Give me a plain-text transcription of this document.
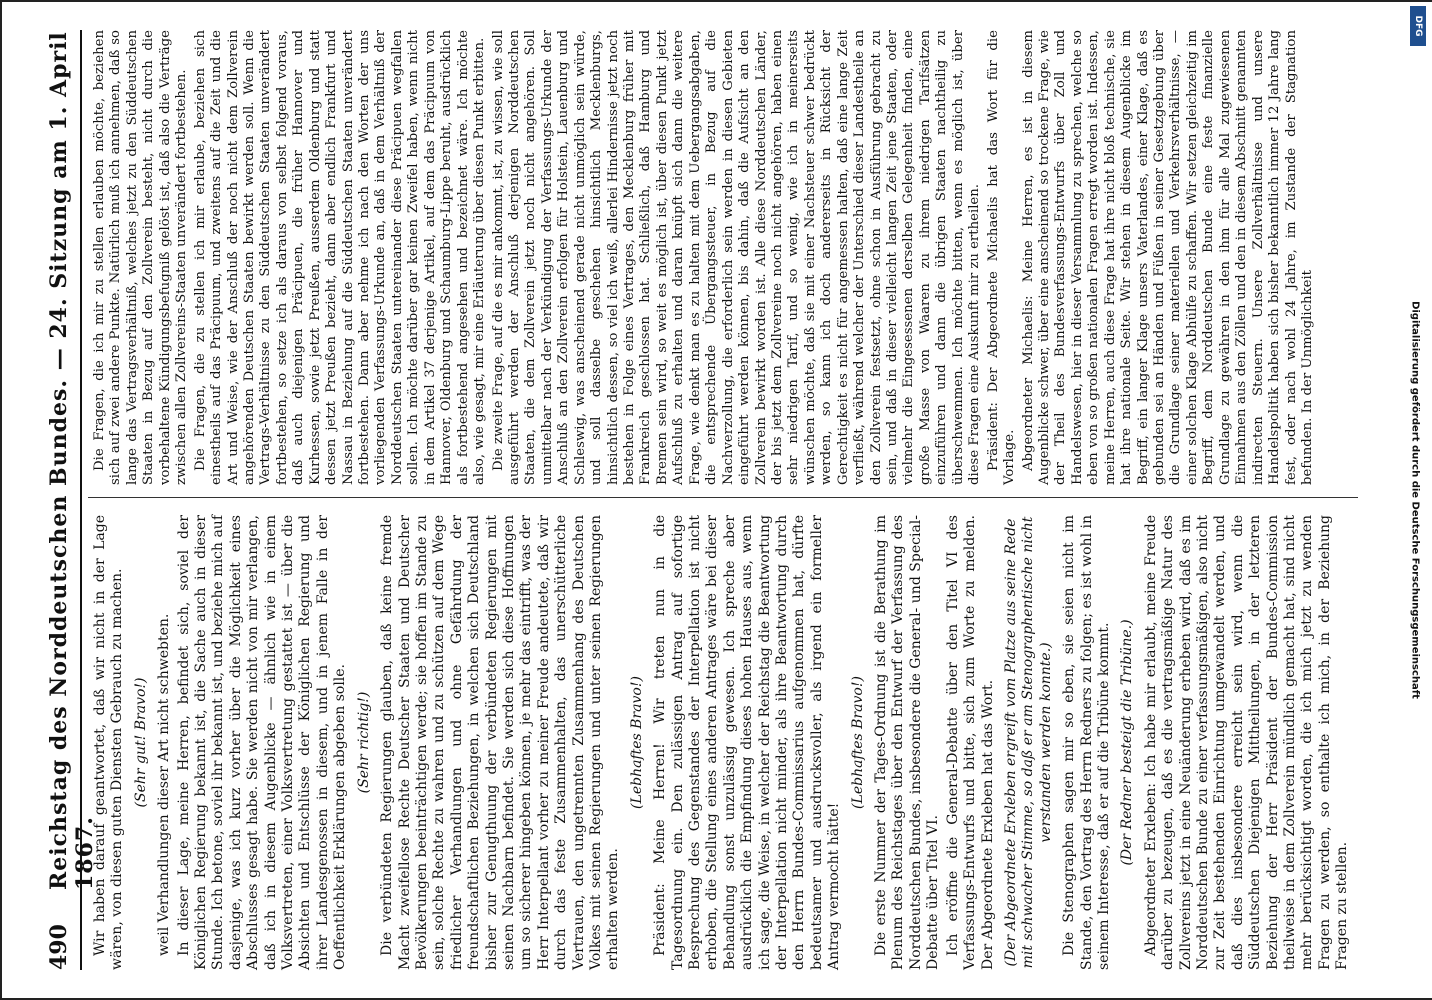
Digitalisierung gefördert durch die Deutsche Forschungsgemeinschaft
DFG
490
Reichstag des Norddeutschen Bundes. — 24. Sitzung am 1. April 1867.

Wir haben darauf geantwortet, daß wir nicht in der Lage wären, von diesen guten Diensten Gebrauch zu machen. (Sehr gut! Bravo!) weil Verhandlungen dieser Art nicht schwebten. In dieser Lage, meine Herren, befindet sich, soviel der Königlichen Regierung bekannt ist, die Sache auch in dieser Stunde. Ich betone, soviel ihr bekannt ist, und beziehe mich auf dasjenige, was ich kurz vorher über die Möglichkeit eines Abschlusses gesagt habe. Sie werden nicht von mir verlangen, daß ich in diesem Augenblicke — ähnlich wie in einem Volksvertreten, einer Volksvertretung gestattet ist — über die Absichten und Entschlüsse der Königlichen Regierung und ihrer Landesgenossen in diesem, und in jenem Falle in der Oeffentlichkeit Erklärungen abgeben solle. (Sehr richtig!) Die verbündeten Regierungen glauben, daß keine fremde Macht zweifellose Rechte Deutscher Staaten und Deutscher Bevölkerungen beeinträchtigen werde; sie hoffen im Stande zu sein, solche Rechte zu wahren und zu schützen auf dem Wege friedlicher Verhandlungen und ohne Gefährdung der freundschaftlichen Beziehungen, in welchen sich Deutschland bisher zur Genugthuung der verbündeten Regierungen mit seinen Nachbarn befindet. Sie werden sich diese Hoffnungen um so sicherer hingeben können, je mehr das eintrifft, was der Herr Interpellant vorher zu meiner Freude andeutete, daß wir durch das feste Zusammenhalten, das unerschütterliche Vertrauen, den ungetrennten Zusammenhang des Deutschen Volkes mit seinen Regierungen und unter seinen Regierungen erhalten werden.

(Lebhaftes Bravo!) Präsident: Meine Herren! Wir treten nun in die Tagesordnung ein. Den zulässigen Antrag auf sofortige Besprechung des Gegenstandes der Interpellation ist nicht erhoben, die Stellung eines anderen Antrages wäre bei dieser Behandlung sonst unzulässig gewesen. Ich spreche aber ausdrücklich die Empfindung dieses hohen Hauses aus, wenn ich sage, die Weise, in welcher der Reichstag die Beantwortung der Interpellation nicht minder, als ihre Beantwortung durch den Herrn Bundes-Commissarius aufgenommen hat, dürfte bedeutsamer und ausdrucksvoller, als irgend ein formeller Antrag vermocht hätte!

(Lebhaftes Bravo!) Die erste Nummer der Tages-Ordnung ist die Berathung im Plenum des Reichstages über den Entwurf der Verfassung des Norddeutschen Bundes, insbesondere die General- und Special-Debatte über Titel VI. Ich eröffne die General-Debatte über den Titel VI des Verfassungs-Entwurfs und bitte, sich zum Worte zu melden. Der Abgeordnete Erxleben hat das Wort. (Der Abgeordnete Erxleben ergreift vom Platze aus seine Rede mit schwacher Stimme, so daß er am Stenographentische nicht verstanden werden konnte.) Die Stenographen sagen mir so eben, sie seien nicht im Stande, den Vortrag des Herrn Redners zu folgen; es ist wohl in seinem Interesse, daß er auf die Tribüne kommt. (Der Redner besteigt die Tribüne.) Abgeordneter Erxleben: Ich habe mir erlaubt, meine Freude darüber zu bezeugen, daß es die vertragsmäßige Natur des Zollvereins jetzt in eine Neuänderung erheben wird, daß es im Norddeutschen Bunde zu einer verfassungsmäßigen, also nicht zur Zeit bestehenden Einrichtung umgewandelt werden, und daß dies insbesondere erreicht sein wird, wenn die Süddeutschen Diejenigen Mittheilungen, in der letzteren Beziehung der Herr Präsident der Bundes-Commission theilweise in dem Zollverein mündlich gemacht hat, sind nicht mehr berücksichtigt worden, die ich mich jetzt zu wenden Fragen zu werden, so enthalte ich mich, in der Beziehung Fragen zu stellen.

Die Fragen, die ich mir zu stellen erlauben möchte, beziehen sich auf zwei andere Punkte. Natürlich muß ich annehmen, daß so lange das Vertragsverhältniß, welches jetzt zu den Süddeutschen Staaten in Bezug auf den Zollverein besteht, nicht durch die vorbehaltene Kündigungsbefugniß gelöst ist, daß also die Verträge zwischen allen Zollvereins-Staaten unverändert fortbestehen. Die Fragen, die zu stellen ich mir erlaube, beziehen sich einestheils auf das Präcipuum, und zweitens auf die Zeit und die Art und Weise, wie der Anschluß der noch nicht dem Zollverein angehörenden Deutschen Staaten bewirkt werden soll. Wenn die Vertrags-Verhältnisse zu den Süddeutschen Staaten unverändert fortbestehen, so setze ich als daraus von selbst folgend voraus, daß auch diejenigen Präcipuen, die früher Hannover und Kurhessen, sowie jetzt Preußen, ausserdem Oldenburg und statt dessen jetzt Preußen bezieht, dann aber endlich Frankfurt und Nassau in Beziehung auf die Süddeutschen Staaten unverändert fortbestehen. Dann aber nehme ich nach den Worten der uns vorliegenden Verfassungs-Urkunde an, daß in dem Verhältniß der Norddeutschen Staaten untereinander diese Präcipuen wegfallen sollen. Ich möchte darüber gar keinen Zweifel haben, wenn nicht in dem Artikel 37 derjenige Artikel, auf dem das Präcipuum von Hannover, Oldenburg und Schaumburg-Lippe beruht, ausdrücklich als fortbestehend angesehen und bezeichnet wäre. Ich möchte also, wie gesagt, mir eine Erläuterung über diesen Punkt erbitten. Die zweite Frage, auf die es mir ankommt, ist, zu wissen, wie soll ausgeführt werden der Anschluß derjenigen Norddeutschen Staaten, die dem Zollverein jetzt noch nicht angehören. Soll unmittelbar nach der Verkündigung der Verfassungs-Urkunde der Anschluß an den Zollverein erfolgen für Holstein, Lauenburg und Schleswig, was anscheinend gerade nicht unmöglich sein würde, und soll dasselbe geschehen hinsichtlich Mecklenburgs, hinsichtlich dessen, so viel ich weiß, allerlei Hindernisse jetzt noch bestehen in Folge eines Vertrages, den Mecklenburg früher mit Frankreich geschlossen hat. Schließlich, daß Hamburg und Bremen sein wird, so weit es möglich ist, über diesen Punkt jetzt Aufschluß zu erhalten und daran knüpft sich dann die weitere Frage, wie denkt man es zu halten mit dem Uebergangsabgaben, die entsprechende Übergangssteuer, in Bezug auf die Nachverzollung, die erforderlich sein werden in diesen Gebieten eingeführt werden können, bis dahin, daß die Aufsicht an den Zollverein bewirkt worden ist. Alle diese Norddeutschen Länder, der bis jetzt dem Zollvereine noch nicht angehören, haben einen sehr niedrigen Tarif, und so wenig, wie ich in meinerseits wünschen möchte, daß sie mit einer Nachsteuer schwer bedrückt werden, so kann ich doch andererseits in Rücksicht der Gerechtigkeit es nicht für angemessen halten, daß eine lange Zeit verfließt, während welcher der Unterschied dieser Landestheile an den Zollverein festsetzt, ohne schon in Ausführung gebracht zu sein, und daß in dieser vielleicht langen Zeit jene Staaten, oder vielmehr die Eingesessenen derselben Gelegenheit finden, eine große Masse von Waaren zu ihrem niedrigen Tarifsätzen einzuführen und dann die übrigen Staaten nachtheilig zu überschwemmen. Ich möchte bitten, wenn es möglich ist, über diese Fragen eine Auskunft mir zu ertheilen. Präsident: Der Abgeordnete Michaelis hat das Wort für die Vorlage. Abgeordneter Michaelis: Meine Herren, es ist in diesem Augenblicke schwer, über eine anscheinend so trockene Frage, wie der Theil des Bundesverfassungs-Entwurfs über Zoll und Handelswesen, hier in dieser Versammlung zu sprechen, welche so eben von so großen nationalen Fragen erregt worden ist. Indessen, meine Herren, auch diese Frage hat ihre nicht bloß technische, sie hat ihre nationale Seite. Wir stehen in diesem Augenblicke im Begriff, ein langer Klage unsers Vaterlandes, einer Klage, daß es gebunden sei an Händen und Füßen in seiner Gesetzgebung über die Grundlage seiner materiellen und Verkehrsverhältnisse, — einer solchen Klage Abhülfe zu schaffen. Wir setzen gleichzeitig im Begriff, dem Norddeutschen Bunde eine feste finanzielle Grundlage zu gewähren in den ihm für alle Mal zugewiesenen Einnahmen aus den Zöllen und den in diesem Abschnitt genannten indirecten Steuern. Unsere Zollverhältnisse und unsere Handelspolitik haben sich bisher bekanntlich immer 12 Jahre lang fest, oder nach wohl 24 Jahre, im Zustande der Stagnation befunden. In der Unmöglichkeit
